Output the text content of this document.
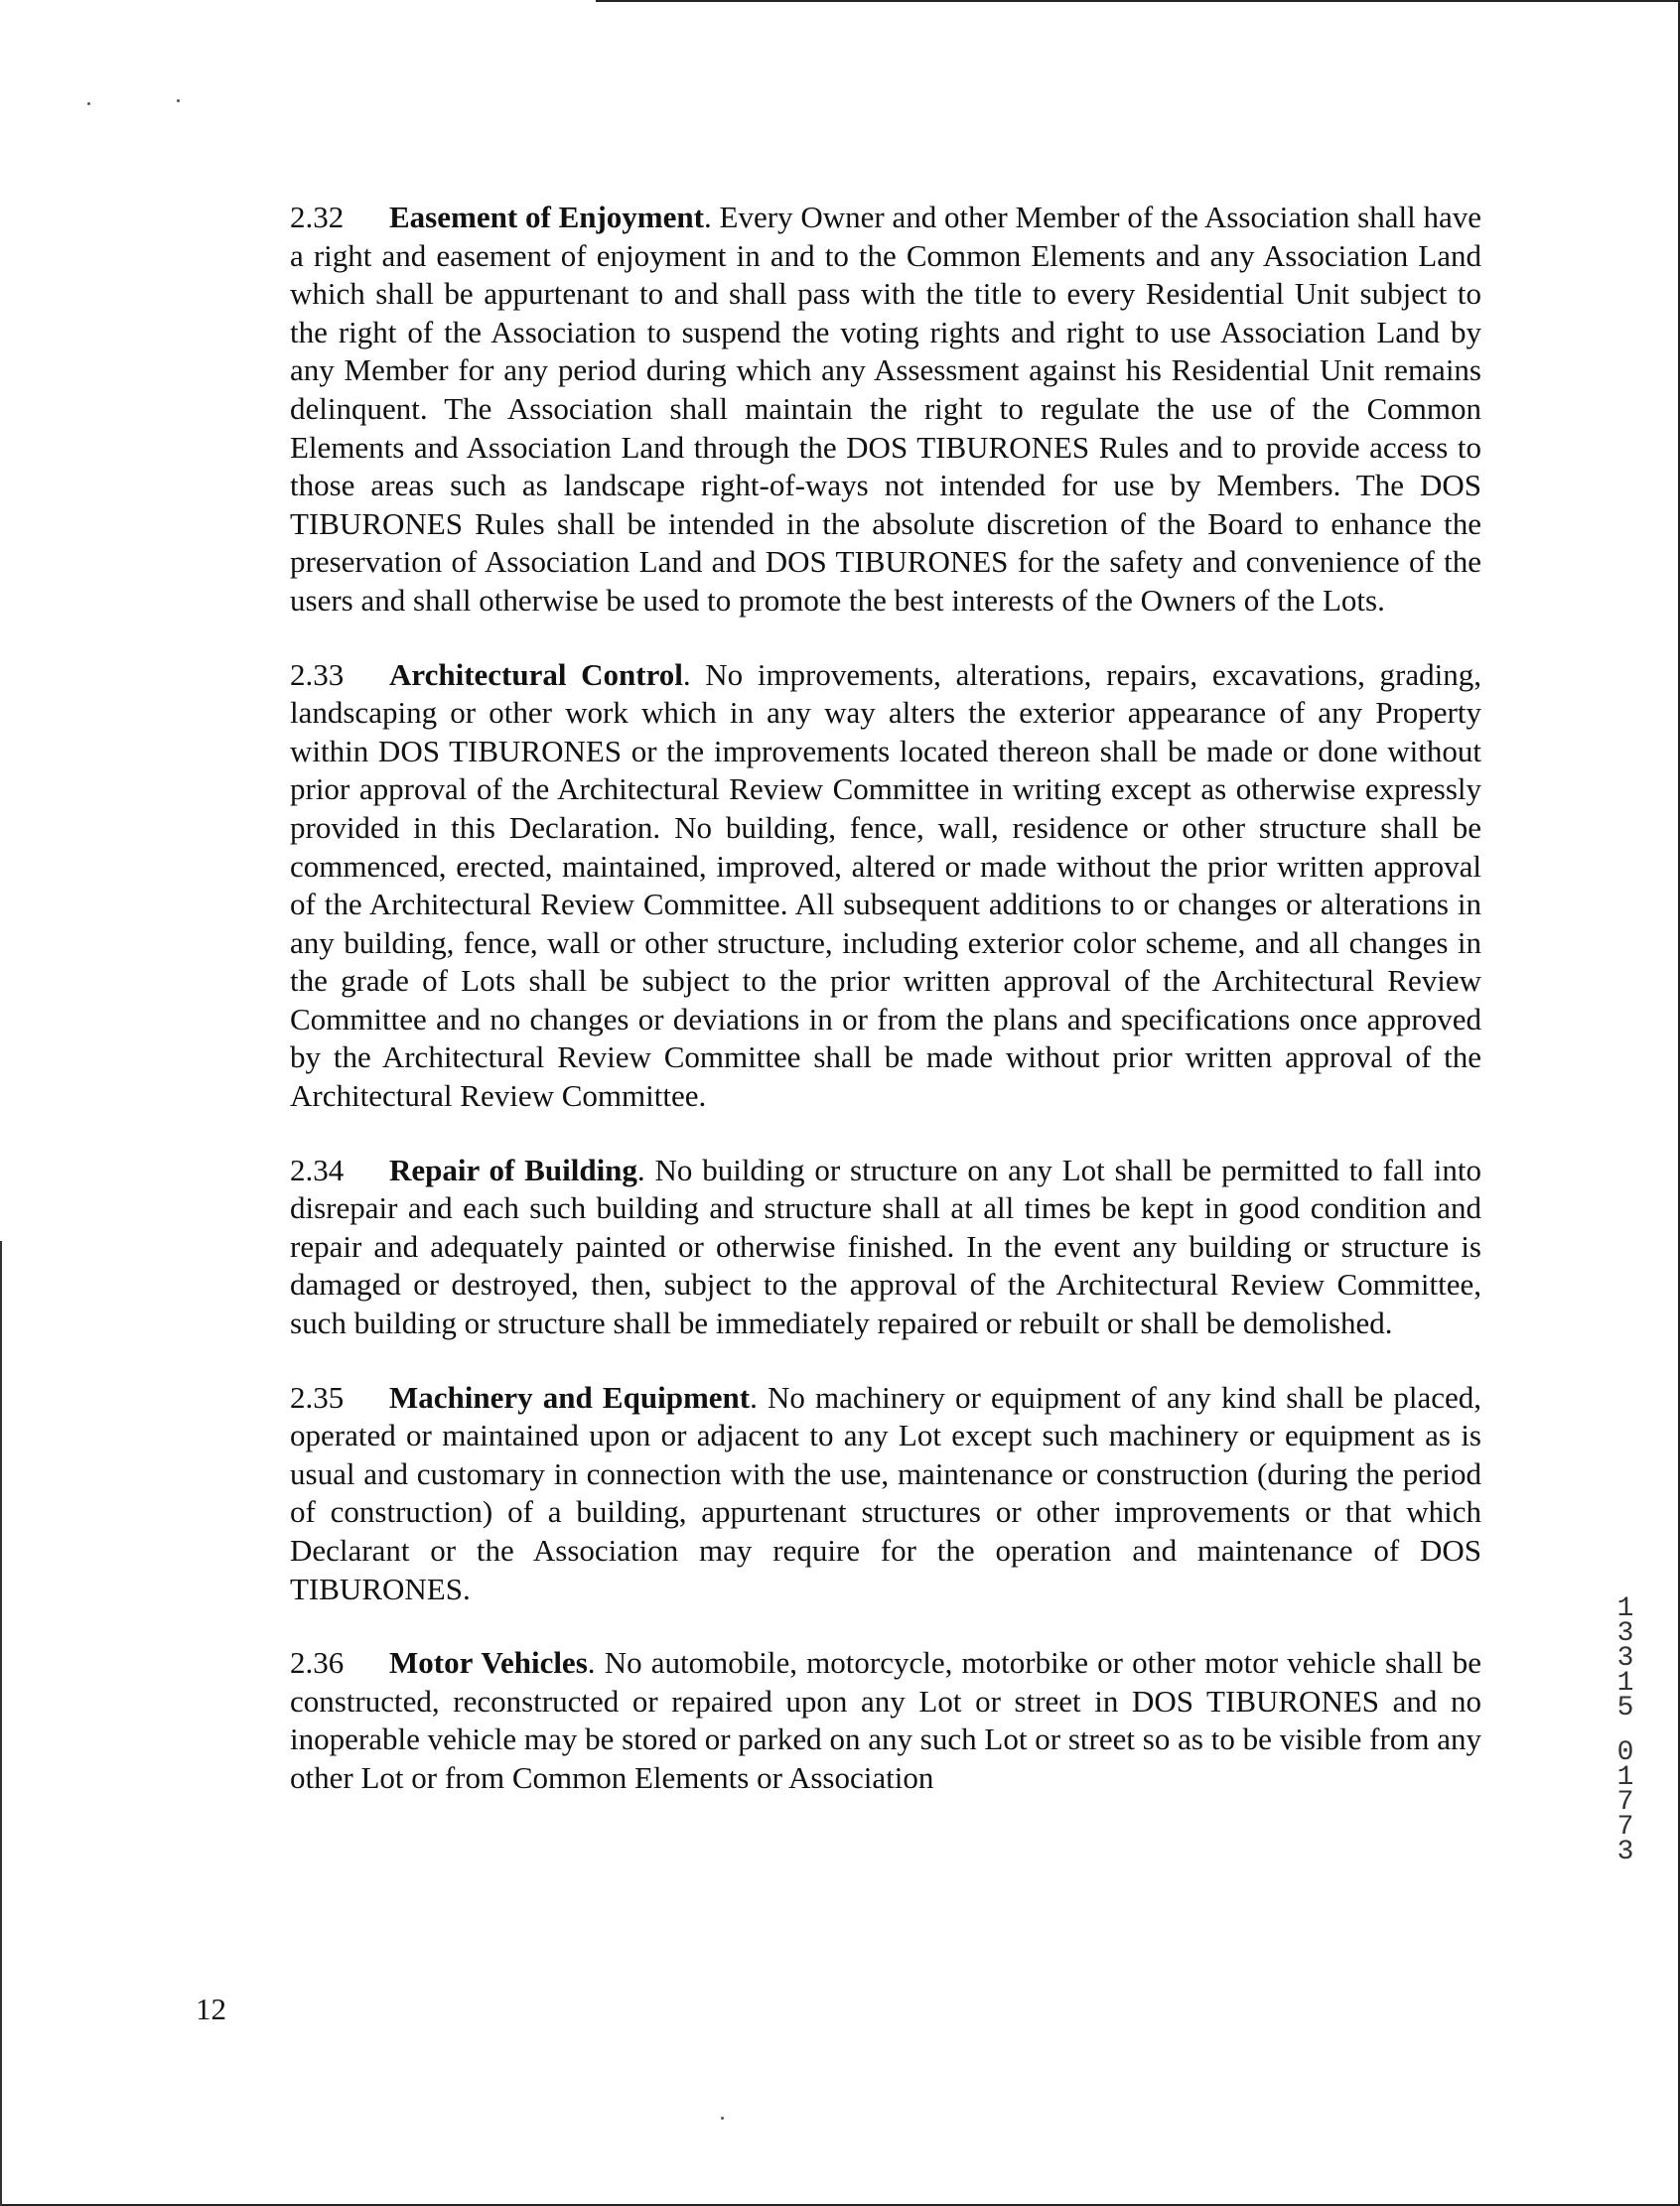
2.32 Easement of Enjoyment. Every Owner and other Member of the Association shall have a right and easement of enjoyment in and to the Common Elements and any Association Land which shall be appurtenant to and shall pass with the title to every Residential Unit subject to the right of the Association to suspend the voting rights and right to use Association Land by any Member for any period during which any Assessment against his Residential Unit remains delinquent. The Association shall maintain the right to regulate the use of the Common Elements and Association Land through the DOS TIBURONES Rules and to provide access to those areas such as landscape right-of-ways not intended for use by Members. The DOS TIBURONES Rules shall be intended in the absolute discretion of the Board to enhance the preservation of Association Land and DOS TIBURONES for the safety and convenience of the users and shall otherwise be used to promote the best interests of the Owners of the Lots.

2.33 Architectural Control. No improvements, alterations, repairs, excavations, grading, landscaping or other work which in any way alters the exterior appearance of any Property within DOS TIBURONES or the improvements located thereon shall be made or done without prior approval of the Architectural Review Committee in writing except as otherwise expressly provided in this Declaration. No building, fence, wall, residence or other structure shall be commenced, erected, maintained, improved, altered or made without the prior written approval of the Architectural Review Committee. All subsequent additions to or changes or alterations in any building, fence, wall or other structure, including exterior color scheme, and all changes in the grade of Lots shall be subject to the prior written approval of the Architectural Review Committee and no changes or deviations in or from the plans and specifications once approved by the Architectural Review Committee shall be made without prior written approval of the Architectural Review Committee.

2.34 Repair of Building. No building or structure on any Lot shall be permitted to fall into disrepair and each such building and structure shall at all times be kept in good condition and repair and adequately painted or otherwise finished. In the event any building or structure is damaged or destroyed, then, subject to the approval of the Architectural Review Committee, such building or structure shall be immediately repaired or rebuilt or shall be demolished.

2.35 Machinery and Equipment. No machinery or equipment of any kind shall be placed, operated or maintained upon or adjacent to any Lot except such machinery or equipment as is usual and customary in connection with the use, maintenance or construction (during the period of construction) of a building, appurtenant structures or other improvements or that which Declarant or the Association may require for the operation and maintenance of DOS TIBURONES.

2.36 Motor Vehicles. No automobile, motorcycle, motorbike or other motor vehicle shall be constructed, reconstructed or repaired upon any Lot or street in DOS TIBURONES and no inoperable vehicle may be stored or parked on any such Lot or street so as to be visible from any other Lot or from Common Elements or Association

12
1
3
3
1
5
0
1
7
7
3
